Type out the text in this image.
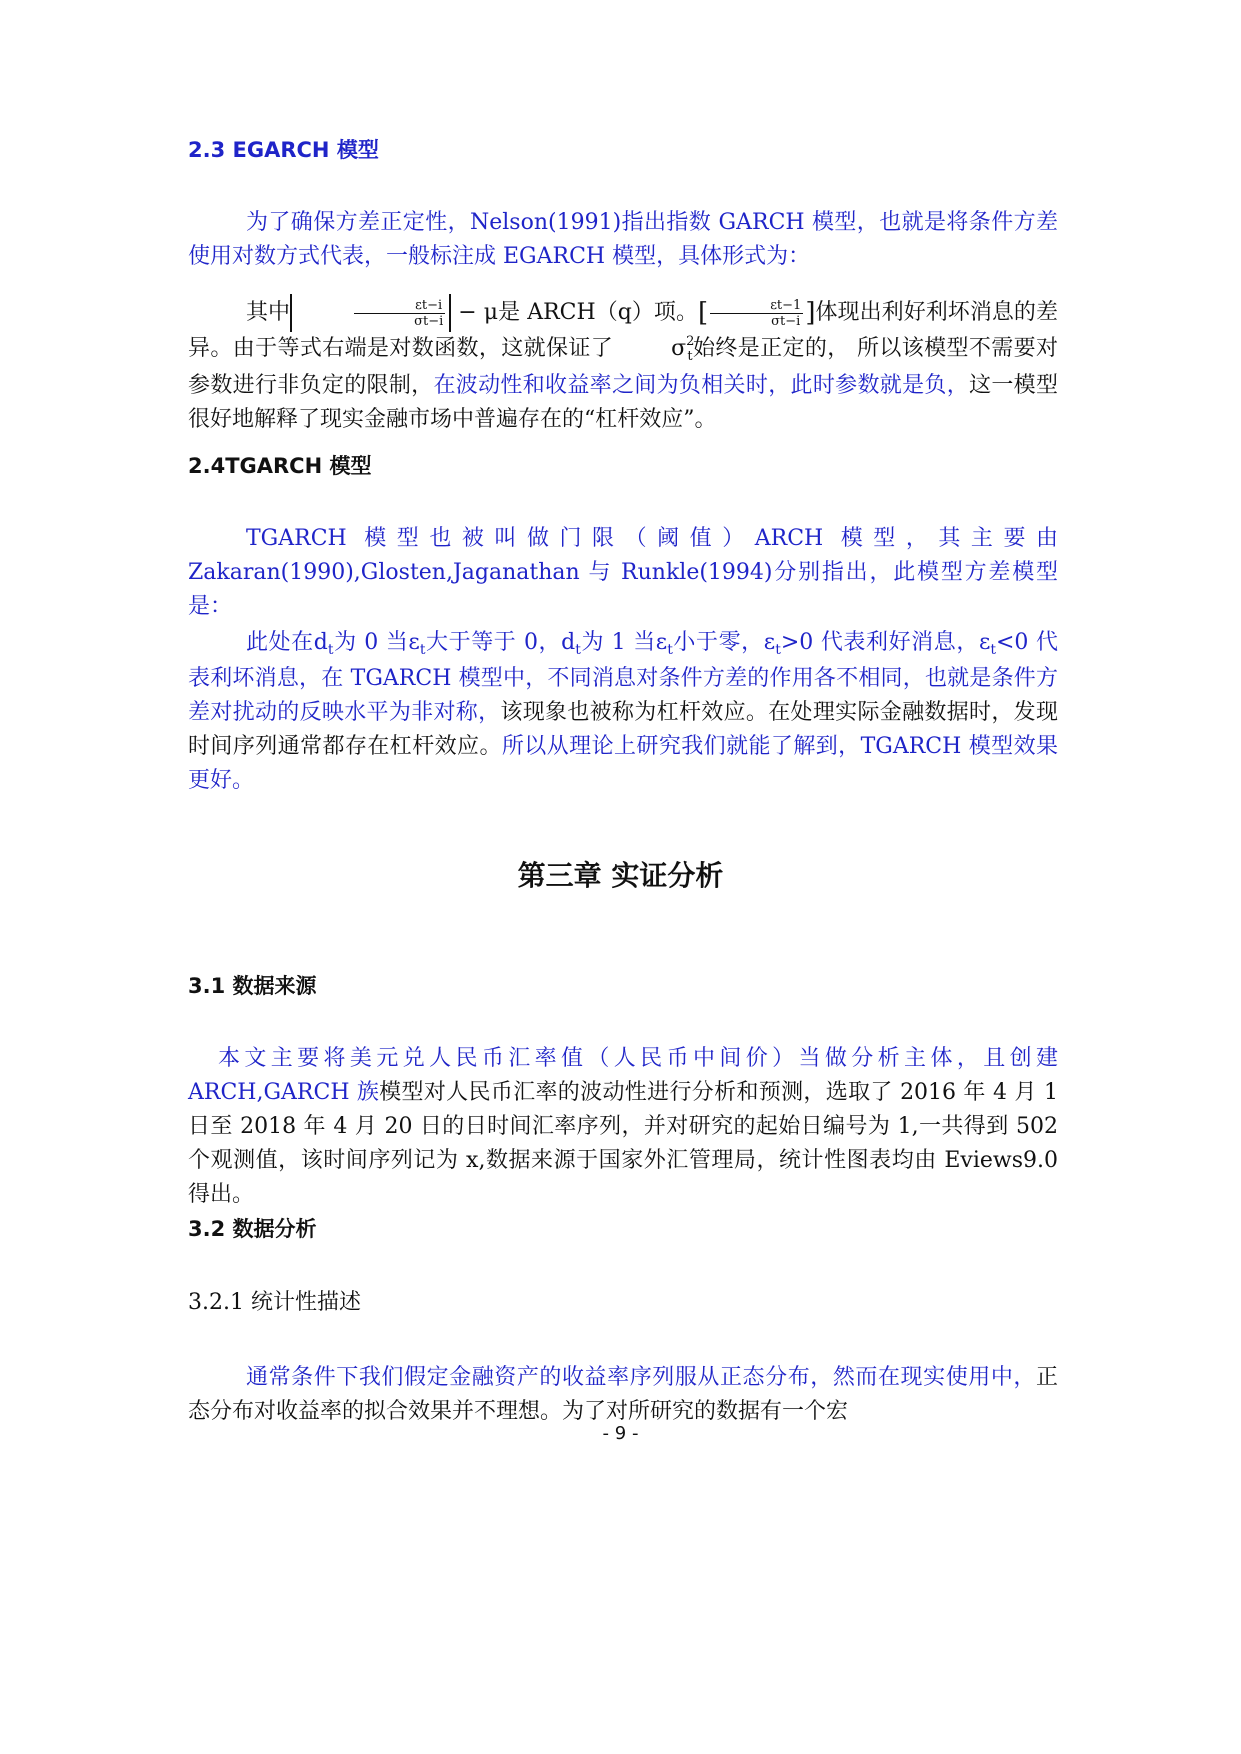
2.3 EGARCH 模型
为了确保方差正定性，Nelson(1991)指出指数 GARCH 模型，也就是将条件方差使用对数方式代表，一般标注成 EGARCH 模型，具体形式为：
其中	$\frac{\varepsilon t-i}{\sigma t-i} - \mu$是 ARCH（q）项。[ $\frac{\varepsilon t-1}{\sigma t-i}$ ]体现出利好利坏消息的差异。由于等式右端是对数函数，这就保证了	$\sigma^2_t$始终是正定的， 所以该模型不需要对参数进行非负定的限制，在波动性和收益率之间为负相关时，此时参数就是负，这一模型很好地解释了现实金融市场中普遍存在的“杠杆效应”。
2.4TGARCH 模型
TGARCH 模型也被叫做门限（阈值）ARCH 模型，其主要由 Zakaran(1990),Glosten,Jaganathan 与 Runkle(1994)分别指出，此模型方差模型是：
此处在$d_t$为 0 当$\varepsilon_t$大于等于 0，$d_t$为 1 当$\varepsilon_t$小于零，$\varepsilon_t>0$ 代表利好消息，$\varepsilon_t<0$ 代表利坏消息，在 TGARCH 模型中，不同消息对条件方差的作用各不相同，也就是条件方差对扰动的反映水平为非对称，该现象也被称为杠杆效应。在处理实际金融数据时，发现时间序列通常都存在杠杆效应。所以从理论上研究我们就能了解到，TGARCH 模型效果更好。
第三章 实证分析
3.1 数据来源
本文主要将美元兑人民币汇率值（人民币中间价）当做分析主体，且创建 ARCH,GARCH 族模型对人民币汇率的波动性进行分析和预测，选取了 2016 年 4 月 1 日至 2018 年 4 月 20 日的日时间汇率序列，并对研究的起始日编号为 1,一共得到 502 个观测值，该时间序列记为 x,数据来源于国家外汇管理局，统计性图表均由 Eviews9.0 得出。
3.2 数据分析
3.2.1 统计性描述
通常条件下我们假定金融资产的收益率序列服从正态分布，然而在现实使用中，正态分布对收益率的拟合效果并不理想。为了对所研究的数据有一个宏
- 9 -
